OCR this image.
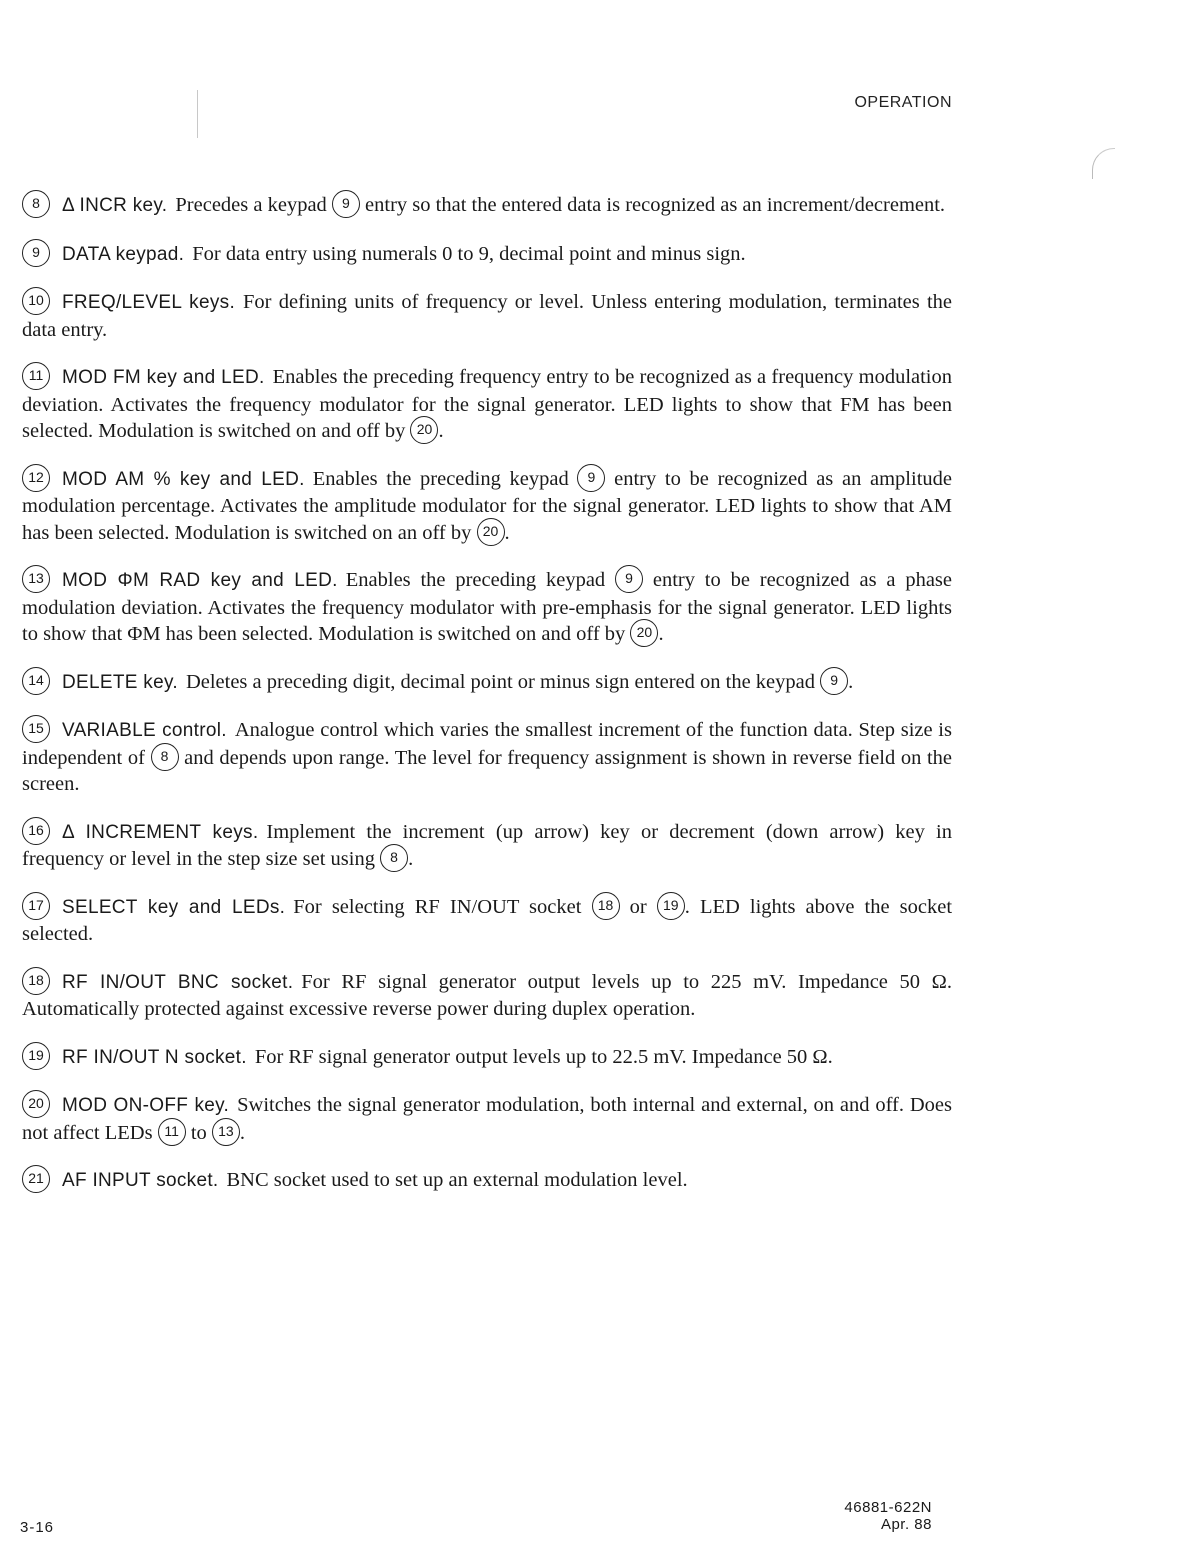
OPERATION
8 Δ INCR key. Precedes a keypad 9 entry so that the entered data is recognized as an increment/decrement.
9 DATA keypad. For data entry using numerals 0 to 9, decimal point and minus sign.
10 FREQ/LEVEL keys. For defining units of frequency or level. Unless entering modulation, terminates the data entry.
11 MOD FM key and LED. Enables the preceding frequency entry to be recognized as a frequency modulation deviation. Activates the frequency modulator for the signal generator. LED lights to show that FM has been selected. Modulation is switched on and off by 20 .
12 MOD AM % key and LED. Enables the preceding keypad 9 entry to be recognized as an amplitude modulation percentage. Activates the amplitude modulator for the signal generator. LED lights to show that AM has been selected. Modulation is switched on an off by 20 .
13 MOD ΦM RAD key and LED. Enables the preceding keypad 9 entry to be recognized as a phase modulation deviation. Activates the frequency modulator with pre-emphasis for the signal generator. LED lights to show that ΦM has been selected. Modulation is switched on and off by 20 .
14 DELETE key. Deletes a preceding digit, decimal point or minus sign entered on the keypad 9 .
15 VARIABLE control. Analogue control which varies the smallest increment of the function data. Step size is independent of 8 and depends upon range. The level for frequency assignment is shown in reverse field on the screen.
16 Δ INCREMENT keys. Implement the increment (up arrow) key or decrement (down arrow) key in frequency or level in the step size set using 8 .
17 SELECT key and LEDs. For selecting RF IN/OUT socket 18 or 19 . LED lights above the socket selected.
18 RF IN/OUT BNC socket. For RF signal generator output levels up to 225 mV. Impedance 50 Ω. Automatically protected against excessive reverse power during duplex operation.
19 RF IN/OUT N socket. For RF signal generator output levels up to 22.5 mV. Impedance 50 Ω.
20 MOD ON-OFF key. Switches the signal generator modulation, both internal and external, on and off. Does not affect LEDs 11 to 13 .
21 AF INPUT socket. BNC socket used to set up an external modulation level.
3-16
46881-622N
Apr. 88
